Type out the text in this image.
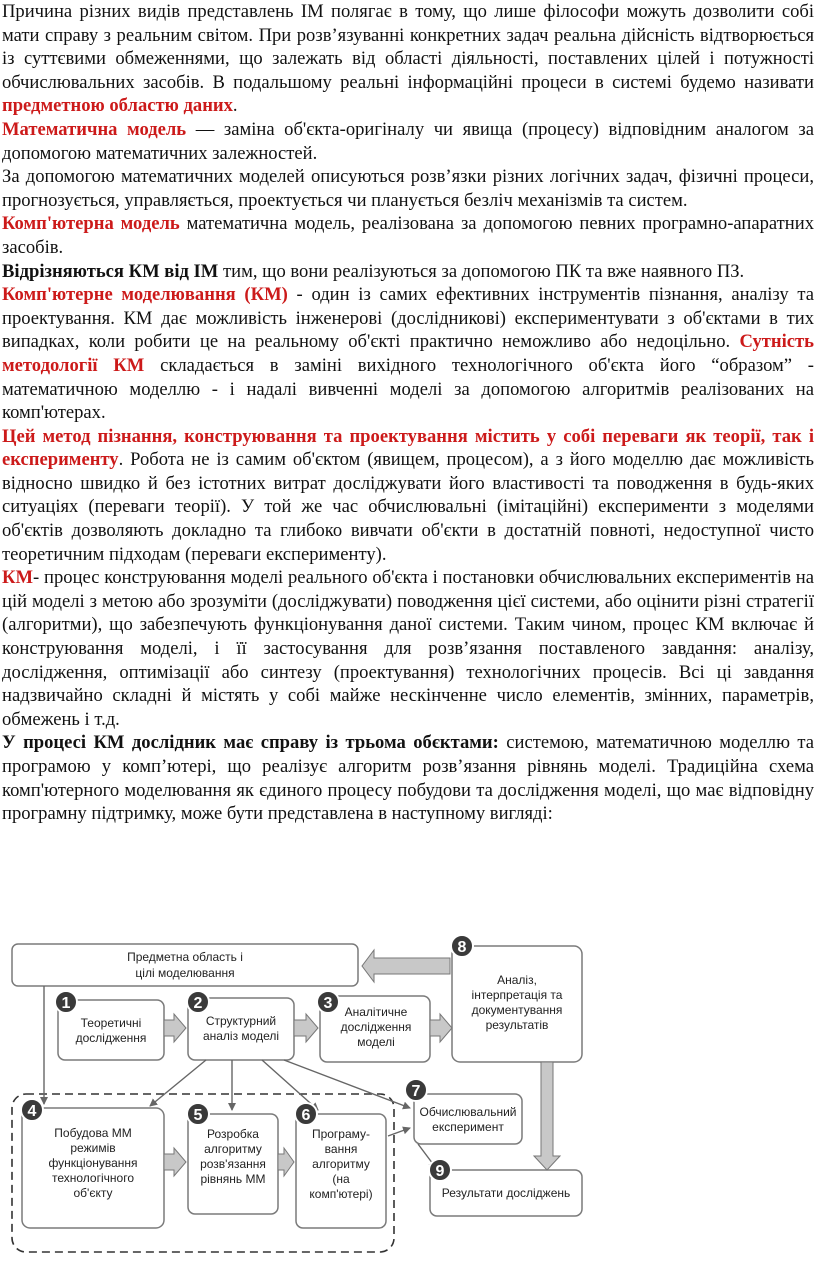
Причина різних видів представлень ІМ полягає в тому, що лише філософи можуть дозволити собі мати справу з реальним світом. При розв’язуванні конкретних задач реальна дійсність відтворюється із суттєвими обмеженнями, що залежать від області діяльності, поставлених цілей і потужності обчислювальних засобів. В подальшому реальні інформаційні процеси в системі будемо називати предметною областю даних.

Математична модель — заміна об'єкта-оригіналу чи явища (процесу) відповідним аналогом за допомогою математичних залежностей.

За допомогою математичних моделей описуються розв’язки різних логічних задач, фізичні процеси, прогнозується, управляється, проектується чи планується безліч механізмів та систем.

Комп'ютерна модель математична модель, реалізована за допомогою певних програмно-апаратних засобів.

Відрізняються КМ від ІМ тим, що вони реалізуються за допомогою ПК та вже наявного ПЗ.

Комп'ютерне моделювання (КМ) - один із самих ефективних інструментів пізнання, аналізу та проектування. КМ дає можливість інженерові (дослідникові) експериментувати з об'єктами в тих випадках, коли робити це на реальному об'єкті практично неможливо або недоцільно. Сутність методології КМ складається в заміні вихідного технологічного об'єкта його “образом” - математичною моделлю - і надалі вивченні моделі за допомогою алгоритмів реалізованих на комп'ютерах.

Цей метод пізнання, конструювання та проектування містить у собі переваги як теорії, так і експерименту. Робота не із самим об'єктом (явищем, процесом), а з його моделлю дає можливість відносно швидко й без істотних витрат досліджувати його властивості та поводження в будь-яких ситуаціях (переваги теорії). У той же час обчислювальні (імітаційні) експерименти з моделями об'єктів дозволяють докладно та глибоко вивчати об'єкти в достатній повноті, недоступної чисто теоретичним підходам (переваги експерименту).

КМ- процес конструювання моделі реального об'єкта і постановки обчислювальних експериментів на цій моделі з метою або зрозуміти (досліджувати) поводження цієї системи, або оцінити різні стратегії (алгоритми), що забезпечують функціонування даної системи. Таким чином, процес КМ включає й конструювання моделі, і її застосування для розв’язання поставленого завдання: аналізу, дослідження, оптимізації або синтезу (проектування) технологічних процесів. Всі ці завдання надзвичайно складні й містять у собі майже нескінченне число елементів, змінних, параметрів, обмежень і т.д.

У процесі КМ дослідник має справу із трьома обєктами: системою, математичною моделлю та програмою у комп’ютері, що реалізує алгоритм розв’язання рівнянь моделі. Традиційна схема комп'ютерного моделювання як єдиного процесу побудови та дослідження моделі, що має відповідну програмну підтримку, може бути представлена в наступному вигляді:

1	2	3
4	5	6
7
8
9
Предметна область і
цілі моделювання
Теоретичні
дослідження
Структурний
аналіз моделі
Аналітичне
дослідження
моделі
Аналіз,
інтерпретація та
документування
результатів
Побудова ММ
режимів
функціонування
технологічного
об'єкту
Розробка
алгоритму
розв'язання
рівнянь ММ
Програму-
вання
алгоритму
(на
комп'ютері)
Обчислювальний
експеримент
Результати досліджень
